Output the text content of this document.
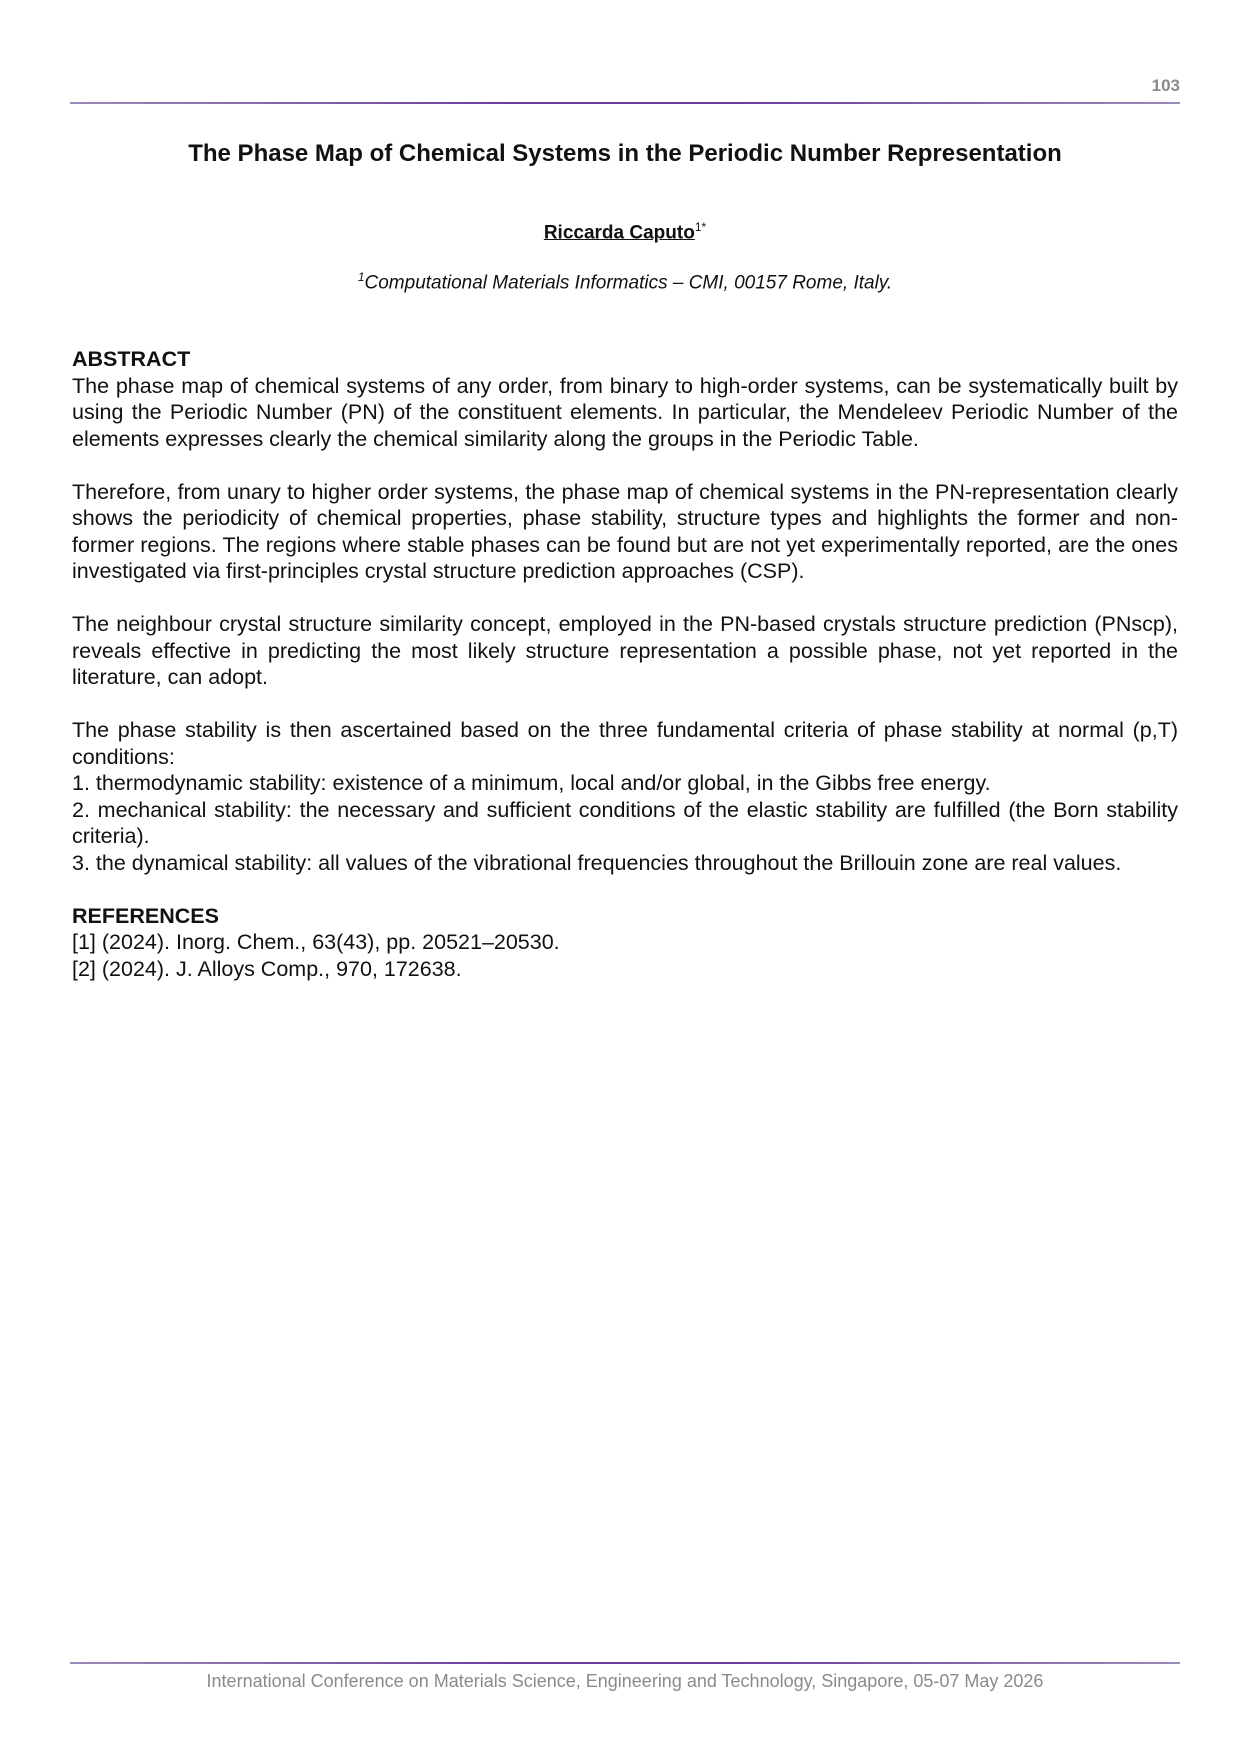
103
The Phase Map of Chemical Systems in the Periodic Number Representation
Riccarda Caputo$^{1*}$
$^1$Computational Materials Informatics – CMI, 00157 Rome, Italy.
ABSTRACT

The phase map of chemical systems of any order, from binary to high-order systems, can be systematically built by using the Periodic Number (PN) of the constituent elements. In particular, the Mendeleev Periodic Number of the elements expresses clearly the chemical similarity along the groups in the Periodic Table.

Therefore, from unary to higher order systems, the phase map of chemical systems in the PN-representation clearly shows the periodicity of chemical properties, phase stability, structure types and highlights the former and non-former regions. The regions where stable phases can be found but are not yet experimentally reported, are the ones investigated via first-principles crystal structure prediction approaches (CSP).

The neighbour crystal structure similarity concept, employed in the PN-based crystals structure prediction (PNscp), reveals effective in predicting the most likely structure representation a possible phase, not yet reported in the literature, can adopt.

The phase stability is then ascertained based on the three fundamental criteria of phase stability at normal (p,T) conditions:

1. thermodynamic stability: existence of a minimum, local and/or global, in the Gibbs free energy.

2. mechanical stability: the necessary and sufficient conditions of the elastic stability are fulfilled (the Born stability criteria).

3. the dynamical stability: all values of the vibrational frequencies throughout the Brillouin zone are real values.

REFERENCES

[1] (2024). Inorg. Chem., 63(43), pp. 20521–20530.

[2] (2024). J. Alloys Comp., 970, 172638.

International Conference on Materials Science, Engineering and Technology, Singapore, 05-07 May 2026
